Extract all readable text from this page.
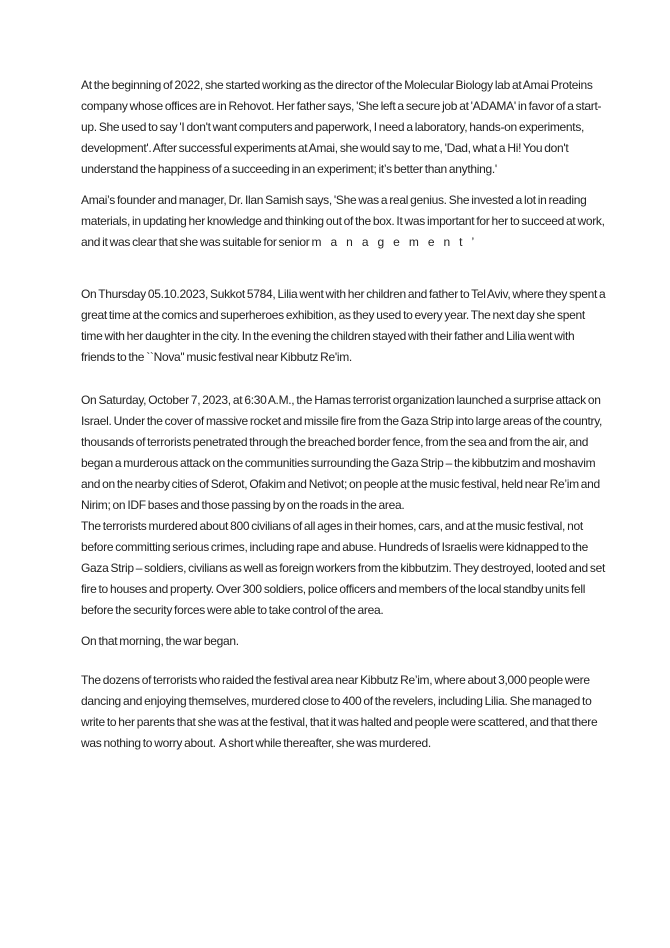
At the beginning of 2022, she started working as the director of the Molecular Biology lab at Amai Proteins company whose offices are in Rehovot. Her father says, 'She left a secure job at 'ADAMA' in favor of a start-up. She used to say 'I don't want computers and paperwork, I need a laboratory, hands-on experiments, development'. After successful experiments at Amai, she would say to me, 'Dad, what a Hi! You don't understand the happiness of a succeeding in an experiment; it’s better than anything.'

Amai’s founder and manager, Dr. Ilan Samish says, 'She was a real genius. She invested a lot in reading materials, in updating her knowledge and thinking out of the box. It was important for her to succeed at work, and it was clear that she was suitable for senior management’

On Thursday 05.10.2023, Sukkot 5784, Lilia went with her children and father to Tel Aviv, where they spent a great time at the comics and superheroes exhibition, as they used to every year. The next day she spent time with her daughter in the city. In the evening the children stayed with their father and Lilia went with friends to the ``Nova'' music festival near Kibbutz Re'im.

On Saturday, October 7, 2023, at 6:30 A.M., the Hamas terrorist organization launched a surprise attack on Israel. Under the cover of massive rocket and missile fire from the Gaza Strip into large areas of the country, thousands of terrorists penetrated through the breached border fence, from the sea and from the air, and began a murderous attack on the communities surrounding the Gaza Strip – the kibbutzim and moshavim and on the nearby cities of Sderot, Ofakim and Netivot; on people at the music festival, held near Re’im and Nirim; on IDF bases and those passing by on the roads in the area.

The terrorists murdered about 800 civilians of all ages in their homes, cars, and at the music festival, not before committing serious crimes, including rape and abuse. Hundreds of Israelis were kidnapped to the Gaza Strip – soldiers, civilians as well as foreign workers from the kibbutzim. They destroyed, looted and set fire to houses and property. Over 300 soldiers, police officers and members of the local standby units fell before the security forces were able to take control of the area.

On that morning, the war began.

The dozens of terrorists who raided the festival area near Kibbutz Re’im, where about 3,000 people were dancing and enjoying themselves, murdered close to 400 of the revelers, including Lilia. She managed to write to her parents that she was at the festival, that it was halted and people were scattered, and that there was nothing to worry about.  A short while thereafter, she was murdered.
